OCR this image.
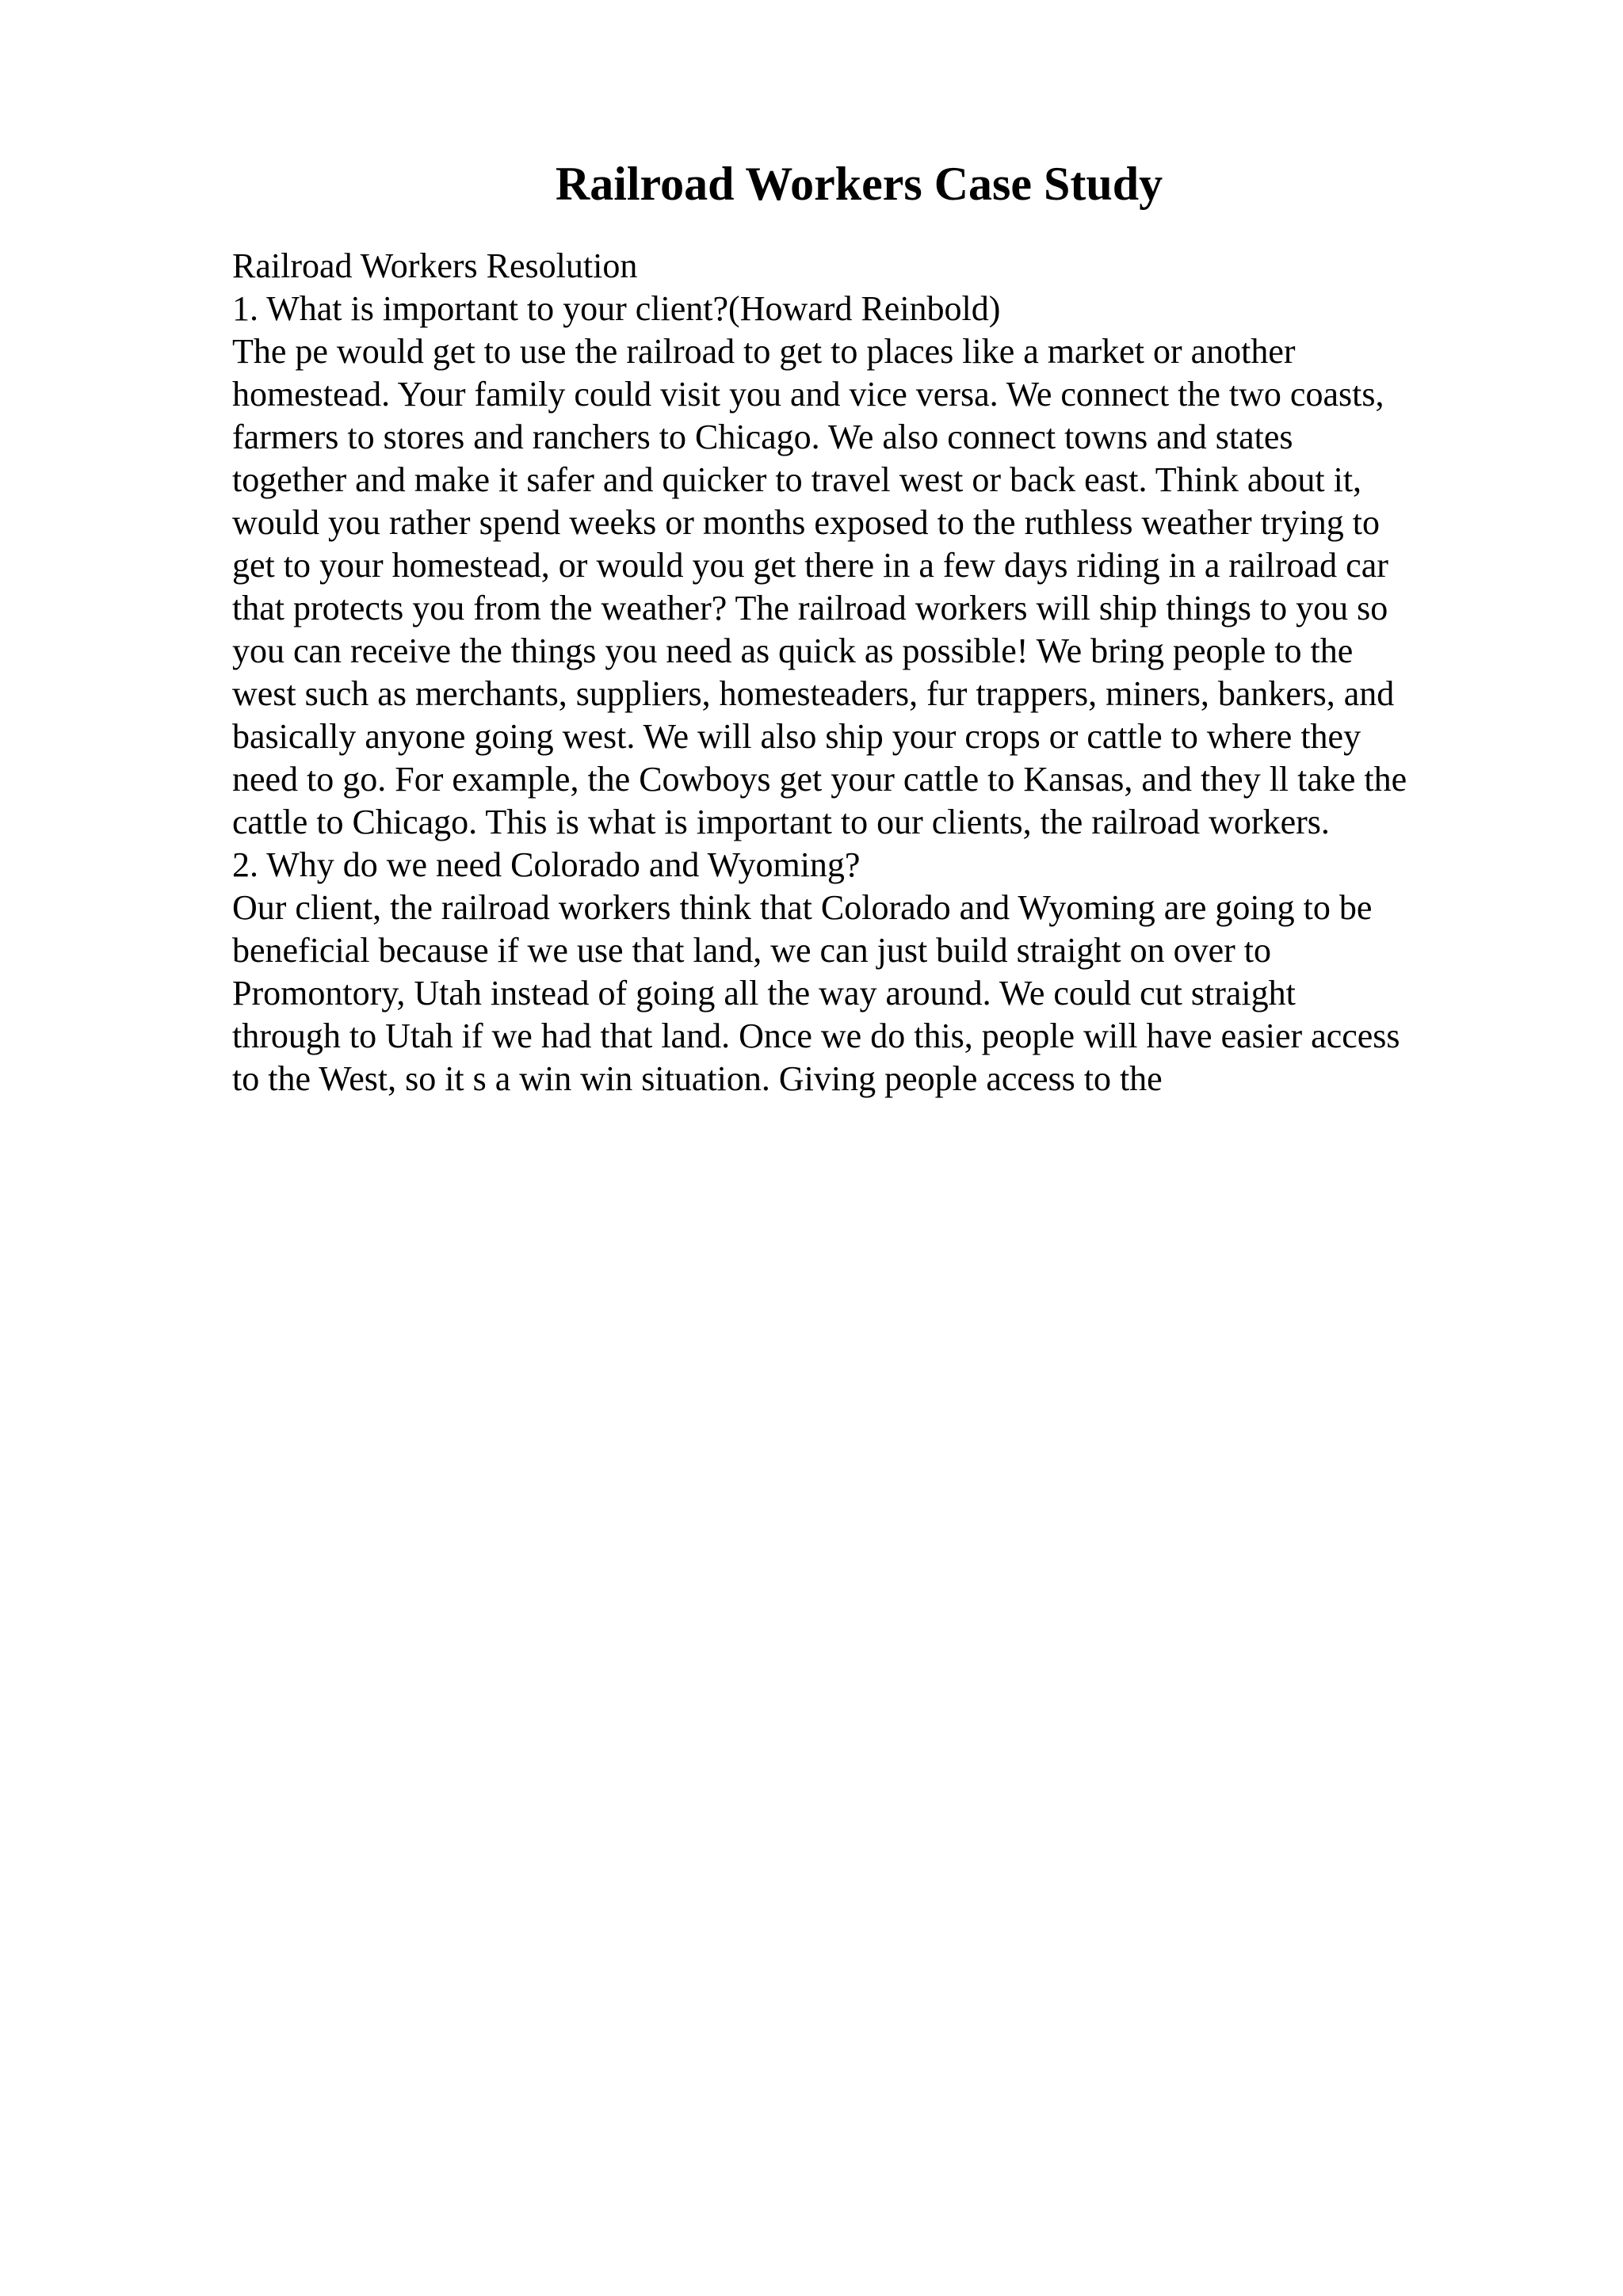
Railroad Workers Case Study
Railroad Workers Resolution
1. What is important to your client?(Howard Reinbold)
The pe would get to use the railroad to get to places like a market or another
homestead. Your family could visit you and vice versa. We connect the two coasts,
farmers to stores and ranchers to Chicago. We also connect towns and states
together and make it safer and quicker to travel west or back east. Think about it,
would you rather spend weeks or months exposed to the ruthless weather trying to
get to your homestead, or would you get there in a few days riding in a railroad car
that protects you from the weather? The railroad workers will ship things to you so
you can receive the things you need as quick as possible! We bring people to the
west such as merchants, suppliers, homesteaders, fur trappers, miners, bankers, and
basically anyone going west. We will also ship your crops or cattle to where they
need to go. For example, the Cowboys get your cattle to Kansas, and they ll take the
cattle to Chicago. This is what is important to our clients, the railroad workers.
2. Why do we need Colorado and Wyoming?
Our client, the railroad workers think that Colorado and Wyoming are going to be
beneficial because if we use that land, we can just build straight on over to
Promontory, Utah instead of going all the way around. We could cut straight
through to Utah if we had that land. Once we do this, people will have easier access
to the West, so it s a win win situation. Giving people access to the
